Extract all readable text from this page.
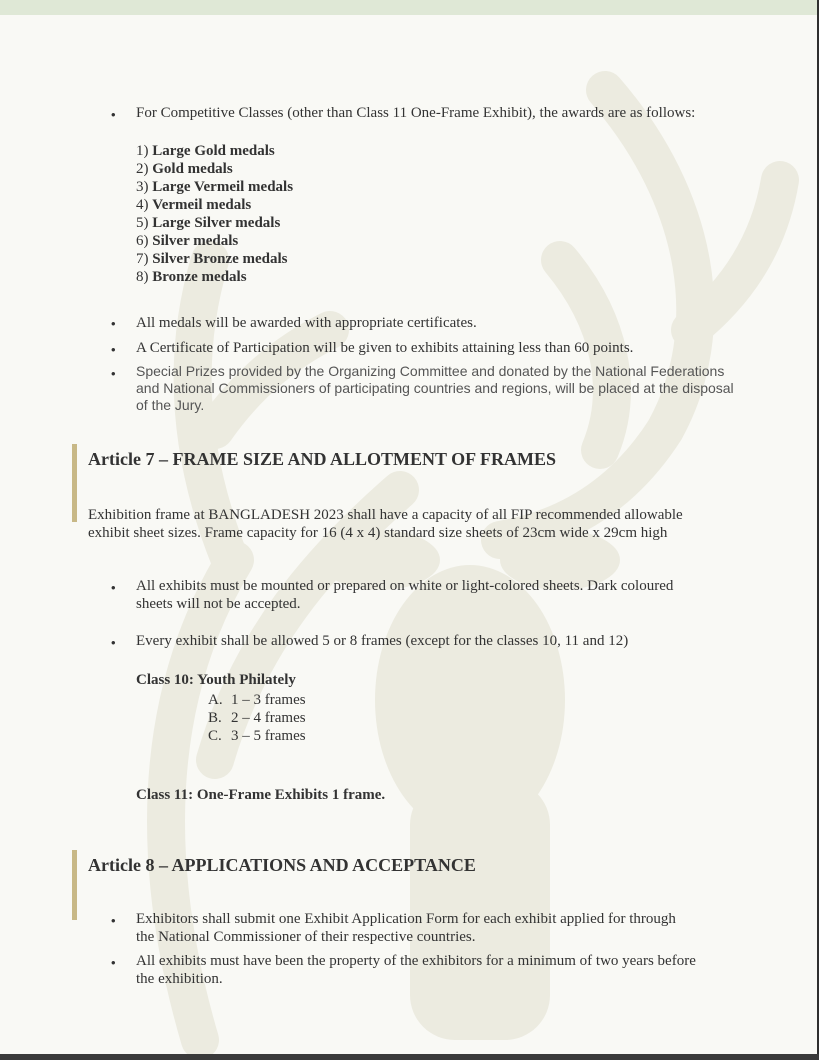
• For Competitive Classes (other than Class 11 One-Frame Exhibit), the awards are as follows:
1) Large Gold medals
2) Gold medals
3) Large Vermeil medals
4) Vermeil medals
5) Large Silver medals
6) Silver medals
7) Silver Bronze medals
8) Bronze medals
• All medals will be awarded with appropriate certificates.
• A Certificate of Participation will be given to exhibits attaining less than 60 points.
• Special Prizes provided by the Organizing Committee and donated by the National Federations
and National Commissioners of participating countries and regions, will be placed at the disposal
of the Jury.
Article 7 – FRAME SIZE AND ALLOTMENT OF FRAMES
Exhibition frame at BANGLADESH 2023 shall have a capacity of all FIP recommended allowable
exhibit sheet sizes. Frame capacity for 16 (4 x 4) standard size sheets of 23cm wide x 29cm high
• All exhibits must be mounted or prepared on white or light-colored sheets. Dark coloured
sheets will not be accepted.
• Every exhibit shall be allowed 5 or 8 frames (except for the classes 10, 11 and 12)
Class 10: Youth Philately
A. 1 – 3 frames
B. 2 – 4 frames
C. 3 – 5 frames
Class 11: One-Frame Exhibits 1 frame.
Article 8 – APPLICATIONS AND ACCEPTANCE
• Exhibitors shall submit one Exhibit Application Form for each exhibit applied for through
the National Commissioner of their respective countries.
• All exhibits must have been the property of the exhibitors for a minimum of two years before
the exhibition.
